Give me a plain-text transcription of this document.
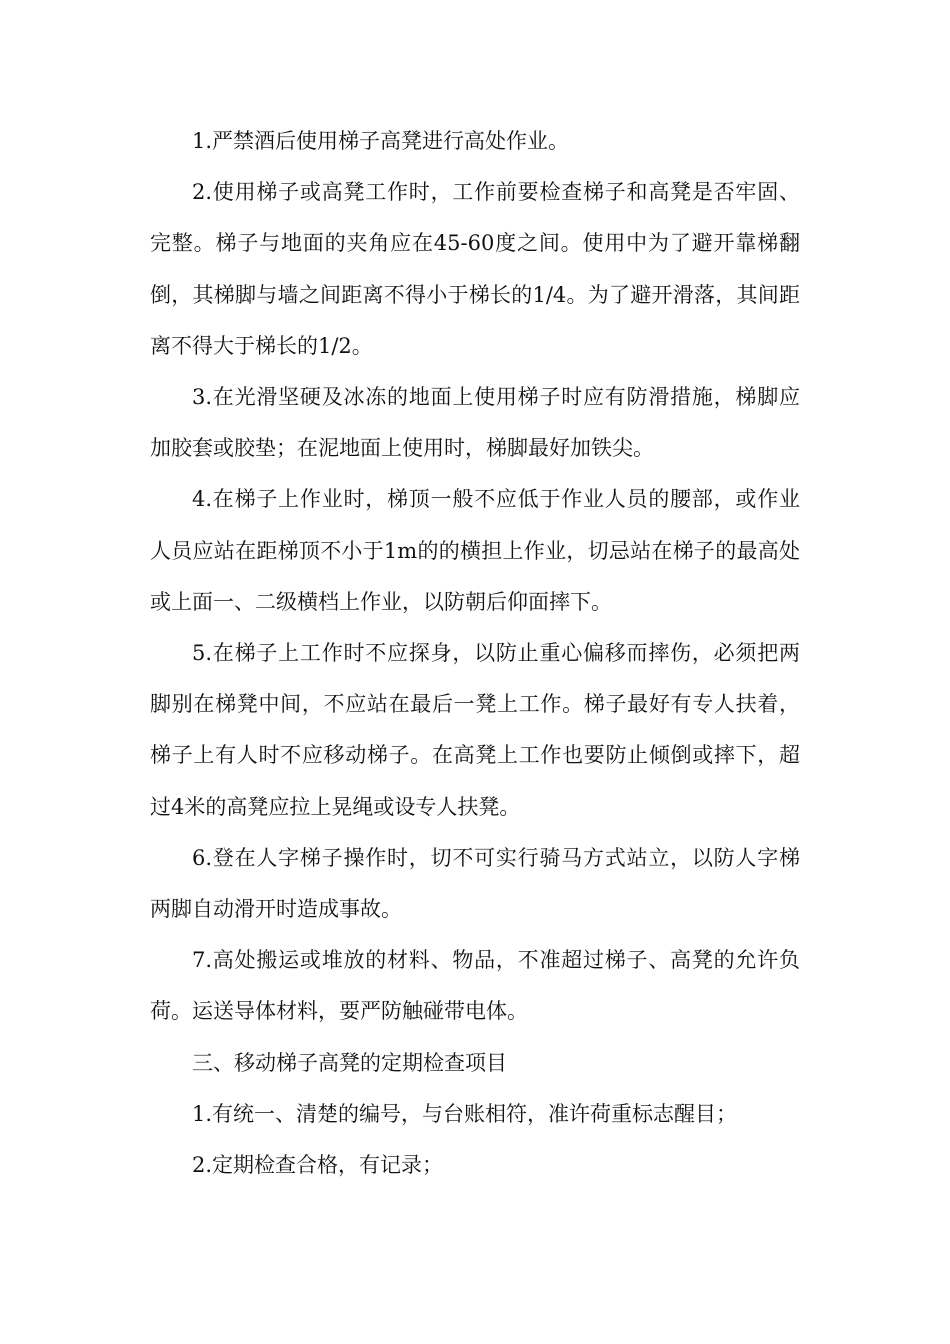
1.严禁酒后使用梯子高凳进行高处作业。

2.使用梯子或高凳工作时，工作前要检查梯子和高凳是否牢固、完整。梯子与地面的夹角应在45-60度之间。使用中为了避开靠梯翻倒，其梯脚与墙之间距离不得小于梯长的1/4。为了避开滑落，其间距离不得大于梯长的1/2。

3.在光滑坚硬及冰冻的地面上使用梯子时应有防滑措施，梯脚应加胶套或胶垫；在泥地面上使用时，梯脚最好加铁尖。

4.在梯子上作业时，梯顶一般不应低于作业人员的腰部，或作业人员应站在距梯顶不小于1m的的横担上作业，切忌站在梯子的最高处或上面一、二级横档上作业，以防朝后仰面摔下。

5.在梯子上工作时不应探身，以防止重心偏移而摔伤，必须把两脚别在梯凳中间，不应站在最后一凳上工作。梯子最好有专人扶着，梯子上有人时不应移动梯子。在高凳上工作也要防止倾倒或摔下，超过4米的高凳应拉上晃绳或设专人扶凳。

6.登在人字梯子操作时，切不可实行骑马方式站立，以防人字梯两脚自动滑开时造成事故。

7.高处搬运或堆放的材料、物品，不准超过梯子、高凳的允许负荷。运送导体材料，要严防触碰带电体。

三、移动梯子高凳的定期检查项目

1.有统一、清楚的编号，与台账相符，准许荷重标志醒目；

2.定期检查合格，有记录；
